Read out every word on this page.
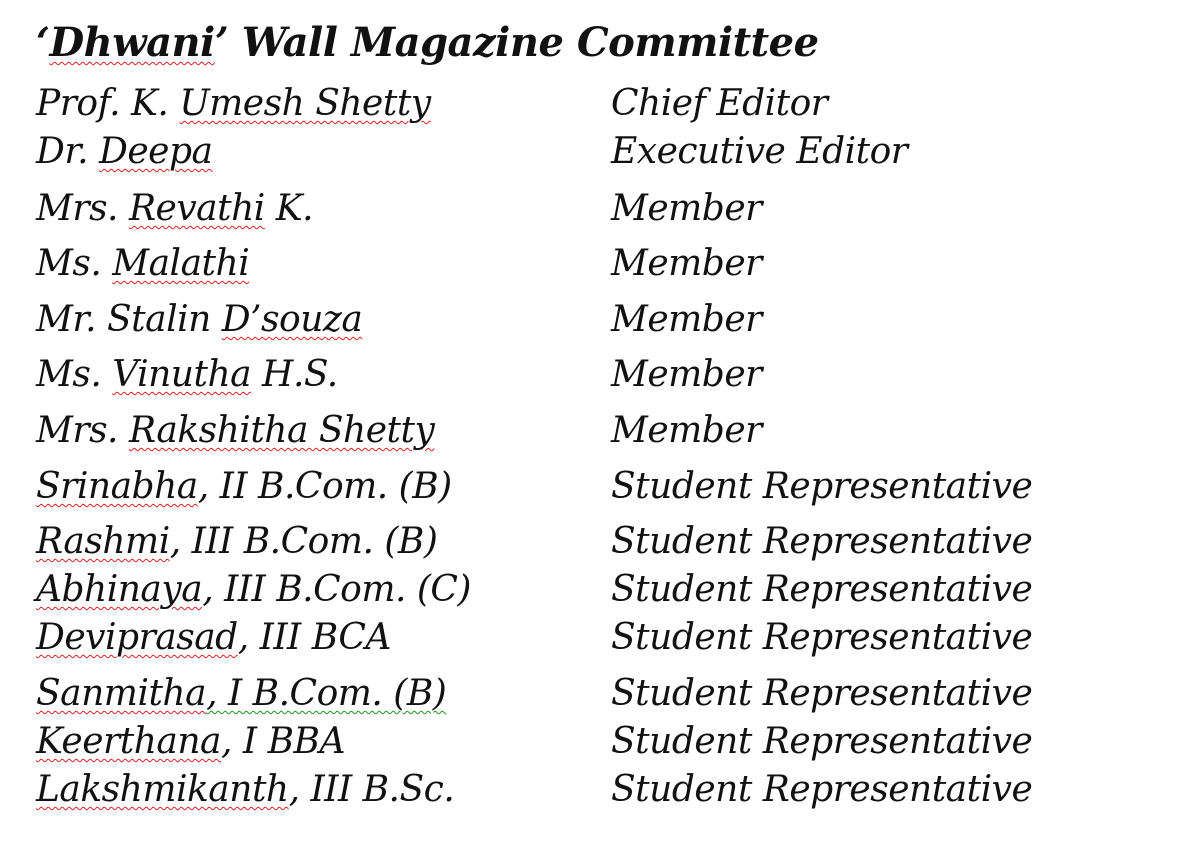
‘Dhwani’ Wall Magazine Committee
Prof. K. Umesh Shetty	Chief Editor
Dr. Deepa	Executive Editor
Mrs. Revathi K.	Member
Ms. Malathi	Member
Mr. Stalin D’souza	Member
Ms. Vinutha H.S.	Member
Mrs. Rakshitha Shetty	Member
Srinabha, II B.Com. (B)	Student Representative
Rashmi, III B.Com. (B)	Student Representative
Abhinaya, III B.Com. (C)	Student Representative
Deviprasad, III BCA	Student Representative
Sanmitha, I B.Com. (B)	Student Representative
Keerthana, I BBA	Student Representative
Lakshmikanth, III B.Sc.	Student Representative
